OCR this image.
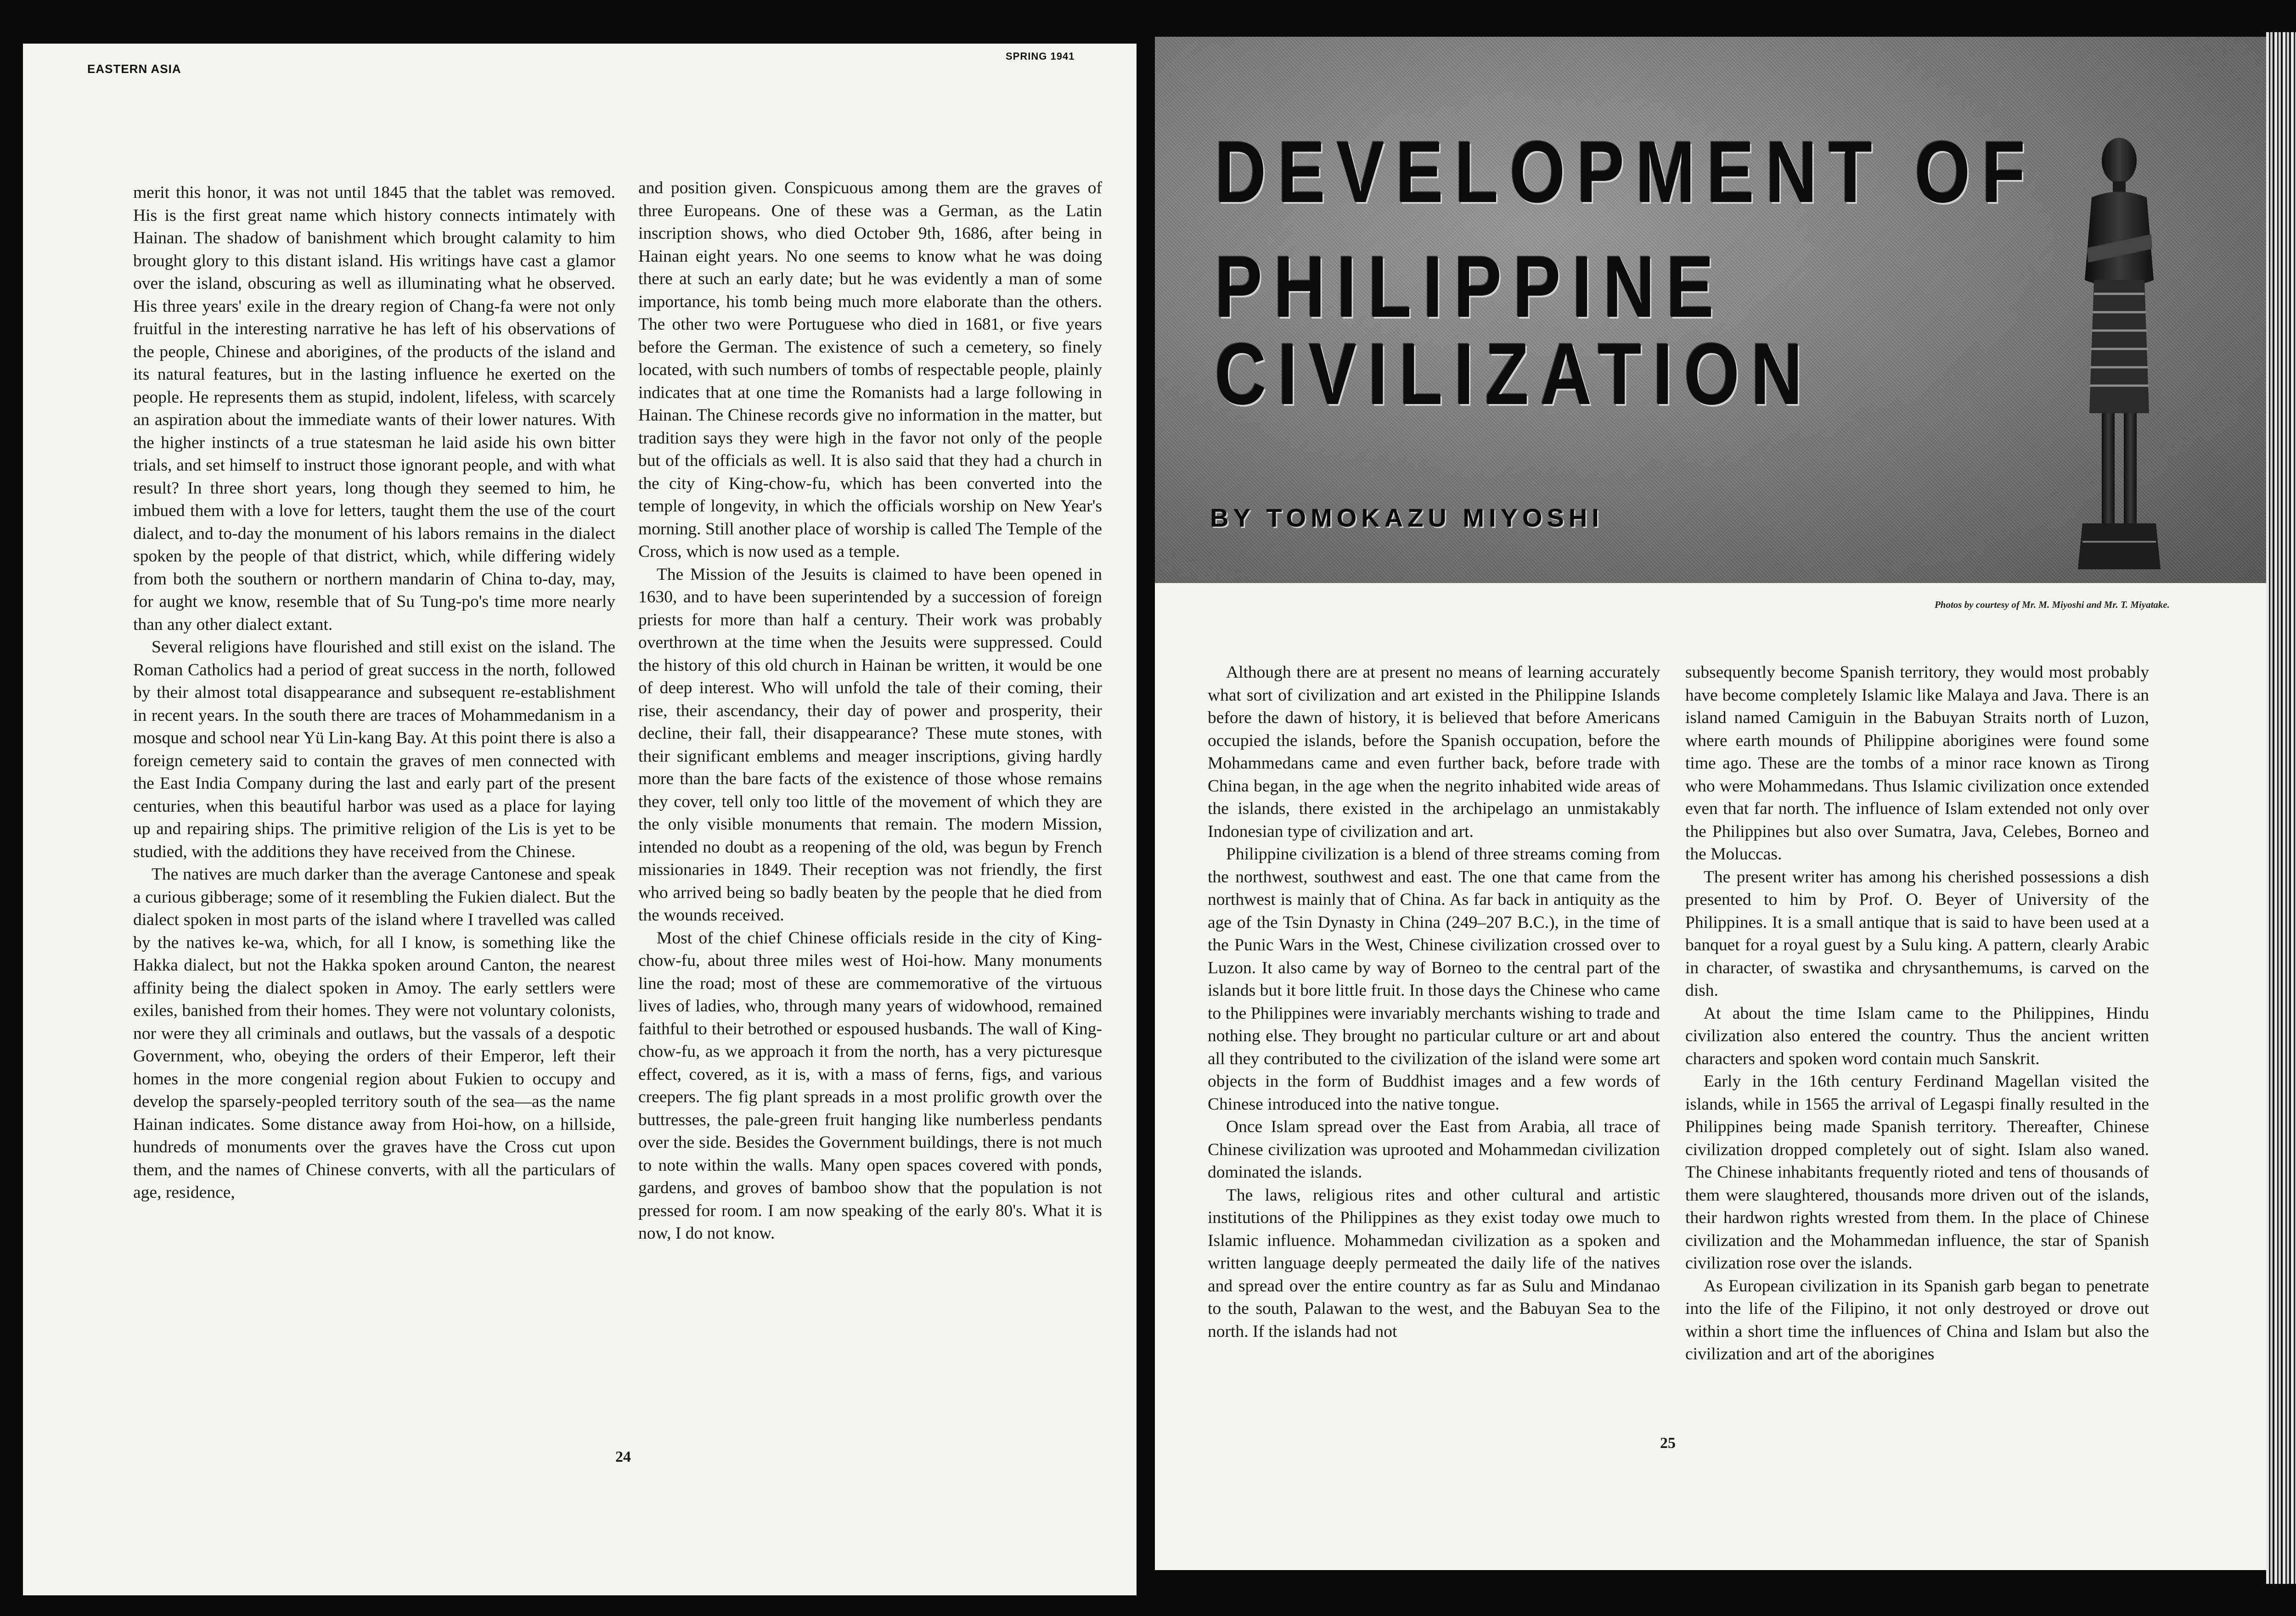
EASTERN ASIA
SPRING 1941

merit this honor, it was not until 1845 that the tablet was removed. His is the first great name which history connects intimately with Hainan. The shadow of banishment which brought calamity to him brought glory to this distant island. His writings have cast a glamor over the island, obscuring as well as illuminating what he observed. His three years' exile in the dreary region of Chang-fa were not only fruitful in the interesting narrative he has left of his observations of the people, Chinese and aborigines, of the products of the island and its natural features, but in the lasting influence he exerted on the people. He represents them as stupid, indolent, lifeless, with scarcely an aspiration about the immediate wants of their lower natures. With the higher instincts of a true statesman he laid aside his own bitter trials, and set himself to instruct those ignorant people, and with what result? In three short years, long though they seemed to him, he imbued them with a love for letters, taught them the use of the court dialect, and to-day the monument of his labors remains in the dialect spoken by the people of that district, which, while differing widely from both the southern or northern mandarin of China to-day, may, for aught we know, resemble that of Su Tung-po's time more nearly than any other dialect extant.

Several religions have flourished and still exist on the island. The Roman Catholics had a period of great success in the north, followed by their almost total disappearance and subsequent re-establishment in recent years. In the south there are traces of Mohammedanism in a mosque and school near Yü Lin-kang Bay. At this point there is also a foreign cemetery said to contain the graves of men connected with the East India Company during the last and early part of the present centuries, when this beautiful harbor was used as a place for laying up and repairing ships. The primitive religion of the Lis is yet to be studied, with the additions they have received from the Chinese.

The natives are much darker than the average Cantonese and speak a curious gibberage; some of it resembling the Fukien dialect. But the dialect spoken in most parts of the island where I travelled was called by the natives ke-wa, which, for all I know, is something like the Hakka dialect, but not the Hakka spoken around Canton, the nearest affinity being the dialect spoken in Amoy. The early settlers were exiles, banished from their homes. They were not voluntary colonists, nor were they all criminals and outlaws, but the vassals of a despotic Government, who, obeying the orders of their Emperor, left their homes in the more congenial region about Fukien to occupy and develop the sparsely-peopled territory south of the sea—as the name Hainan indicates. Some distance away from Hoi-how, on a hillside, hundreds of monuments over the graves have the Cross cut upon them, and the names of Chinese converts, with all the particulars of age, residence,

and position given. Conspicuous among them are the graves of three Europeans. One of these was a German, as the Latin inscription shows, who died October 9th, 1686, after being in Hainan eight years. No one seems to know what he was doing there at such an early date; but he was evidently a man of some importance, his tomb being much more elaborate than the others. The other two were Portuguese who died in 1681, or five years before the German. The existence of such a cemetery, so finely located, with such numbers of tombs of respectable people, plainly indicates that at one time the Romanists had a large following in Hainan. The Chinese records give no information in the matter, but tradition says they were high in the favor not only of the people but of the officials as well. It is also said that they had a church in the city of King-chow-fu, which has been converted into the temple of longevity, in which the officials worship on New Year's morning. Still another place of worship is called The Temple of the Cross, which is now used as a temple.

The Mission of the Jesuits is claimed to have been opened in 1630, and to have been superintended by a succession of foreign priests for more than half a century. Their work was probably overthrown at the time when the Jesuits were suppressed. Could the history of this old church in Hainan be written, it would be one of deep interest. Who will unfold the tale of their coming, their rise, their ascendancy, their day of power and prosperity, their decline, their fall, their disappearance? These mute stones, with their significant emblems and meager inscriptions, giving hardly more than the bare facts of the existence of those whose remains they cover, tell only too little of the movement of which they are the only visible monuments that remain. The modern Mission, intended no doubt as a reopening of the old, was begun by French missionaries in 1849. Their reception was not friendly, the first who arrived being so badly beaten by the people that he died from the wounds received.

Most of the chief Chinese officials reside in the city of King-chow-fu, about three miles west of Hoi-how. Many monuments line the road; most of these are commemorative of the virtuous lives of ladies, who, through many years of widowhood, remained faithful to their betrothed or espoused husbands. The wall of King-chow-fu, as we approach it from the north, has a very picturesque effect, covered, as it is, with a mass of ferns, figs, and various creepers. The fig plant spreads in a most prolific growth over the buttresses, the pale-green fruit hanging like numberless pendants over the side. Besides the Government buildings, there is not much to note within the walls. Many open spaces covered with ponds, gardens, and groves of bamboo show that the population is not pressed for room. I am now speaking of the early 80's. What it is now, I do not know.

24
DEVELOPMENT OF
PHILIPPINE CIVILIZATION
BY TOMOKAZU MIYOSHI
Photos by courtesy of Mr. M. Miyoshi and Mr. T. Miyatake.

Although there are at present no means of learning accurately what sort of civilization and art existed in the Philippine Islands before the dawn of history, it is believed that before Americans occupied the islands, before the Spanish occupation, before the Mohammedans came and even further back, before trade with China began, in the age when the negrito inhabited wide areas of the islands, there existed in the archipelago an unmistakably Indonesian type of civilization and art.

Philippine civilization is a blend of three streams coming from the northwest, southwest and east. The one that came from the northwest is mainly that of China. As far back in antiquity as the age of the Tsin Dynasty in China (249–207 B.C.), in the time of the Punic Wars in the West, Chinese civilization crossed over to Luzon. It also came by way of Borneo to the central part of the islands but it bore little fruit. In those days the Chinese who came to the Philippines were invariably merchants wishing to trade and nothing else. They brought no particular culture or art and about all they contributed to the civilization of the island were some art objects in the form of Buddhist images and a few words of Chinese introduced into the native tongue.

Once Islam spread over the East from Arabia, all trace of Chinese civilization was uprooted and Mohammedan civilization dominated the islands.

The laws, religious rites and other cultural and artistic institutions of the Philippines as they exist today owe much to Islamic influence. Mohammedan civilization as a spoken and written language deeply permeated the daily life of the natives and spread over the entire country as far as Sulu and Mindanao to the south, Palawan to the west, and the Babuyan Sea to the north. If the islands had not

subsequently become Spanish territory, they would most probably have become completely Islamic like Malaya and Java. There is an island named Camiguin in the Babuyan Straits north of Luzon, where earth mounds of Philippine aborigines were found some time ago. These are the tombs of a minor race known as Tirong who were Mohammedans. Thus Islamic civilization once extended even that far north. The influence of Islam extended not only over the Philippines but also over Sumatra, Java, Celebes, Borneo and the Moluccas.

The present writer has among his cherished possessions a dish presented to him by Prof. O. Beyer of University of the Philippines. It is a small antique that is said to have been used at a banquet for a royal guest by a Sulu king. A pattern, clearly Arabic in character, of swastika and chrysanthemums, is carved on the dish.

At about the time Islam came to the Philippines, Hindu civilization also entered the country. Thus the ancient written characters and spoken word contain much Sanskrit.

Early in the 16th century Ferdinand Magellan visited the islands, while in 1565 the arrival of Legaspi finally resulted in the Philippines being made Spanish territory. Thereafter, Chinese civilization dropped completely out of sight. Islam also waned. The Chinese inhabitants frequently rioted and tens of thousands of them were slaughtered, thousands more driven out of the islands, their hardwon rights wrested from them. In the place of Chinese civilization and the Mohammedan influence, the star of Spanish civilization rose over the islands.

As European civilization in its Spanish garb began to penetrate into the life of the Filipino, it not only destroyed or drove out within a short time the influences of China and Islam but also the civilization and art of the aborigines

25
